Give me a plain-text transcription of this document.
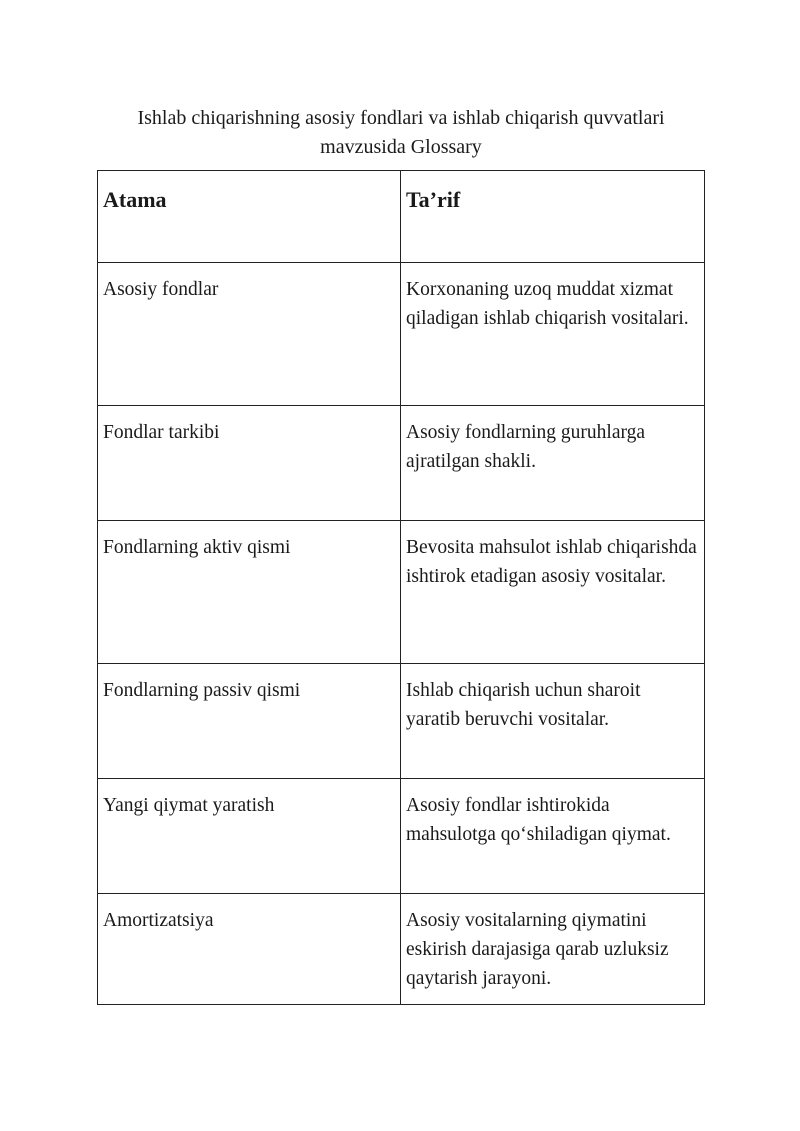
Ishlab chiqarishning asosiy fondlari va ishlab chiqarish quvvatlari mavzusida Glossary
Atama	Ta’rif
Asosiy fondlar	Korxonaning uzoq muddat xizmat qiladigan ishlab chiqarish vositalari.
Fondlar tarkibi	Asosiy fondlarning guruhlarga ajratilgan shakli.
Fondlarning aktiv qismi	Bevosita mahsulot ishlab chiqarishda ishtirok etadigan asosiy vositalar.
Fondlarning passiv qismi	Ishlab chiqarish uchun sharoit yaratib beruvchi vositalar.
Yangi qiymat yaratish	Asosiy fondlar ishtirokida mahsulotga qo‘shiladigan qiymat.
Amortizatsiya	Asosiy vositalarning qiymatini eskirish darajasiga qarab uzluksiz qaytarish jarayoni.
